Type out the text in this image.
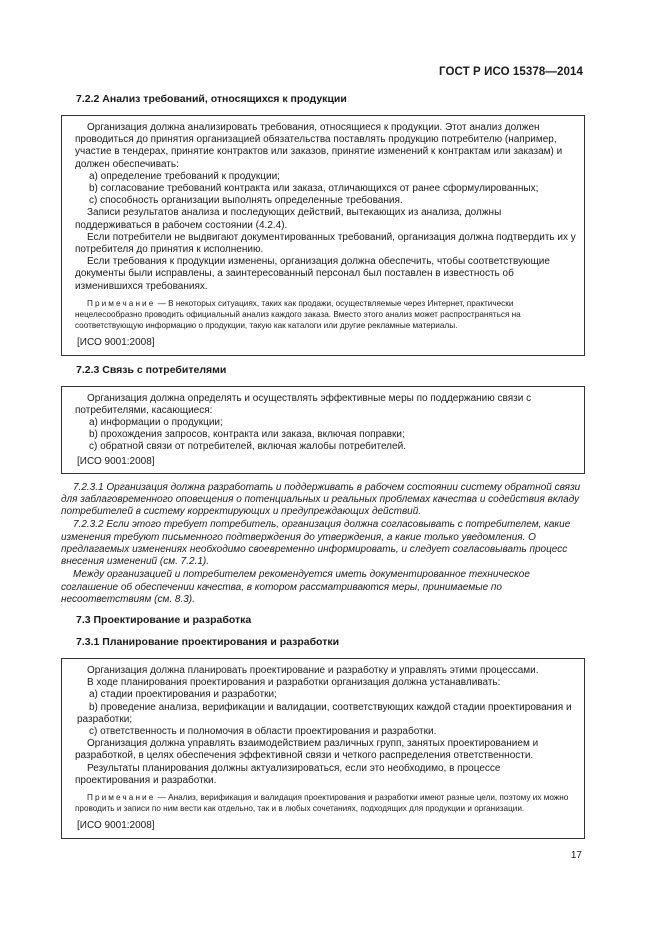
ГОСТ Р ИСО 15378—2014
7.2.2 Анализ требований, относящихся к продукции

Организация должна анализировать требования, относящиеся к продукции. Этот анализ должен проводиться до принятия организацией обязательства поставлять продукцию потребителю (например, участие в тендерах, принятие контрактов или заказов, принятие изменений к контрактам или заказам) и должен обеспечивать:

a) определение требований к продукции;

b) согласование требований контракта или заказа, отличающихся от ранее сформулированных;

c) способность организации выполнять определенные требования.

Записи результатов анализа и последующих действий, вытекающих из анализа, должны поддерживаться в рабочем состоянии (4.2.4).

Если потребители не выдвигают документированных требований, организация должна подтвердить их у потребителя до принятия к исполнению.

Если требования к продукции изменены, организация должна обеспечить, чтобы соответствующие документы были исправлены, а заинтересованный персонал был поставлен в известность об изменившихся требованиях.

Примечание — В некоторых ситуациях, таких как продажи, осуществляемые через Интернет, практически нецелесообразно проводить официальный анализ каждого заказа. Вместо этого анализ может распространяться на соответствующую информацию о продукции, такую как каталоги или другие рекламные материалы.

[ИСО 9001:2008]

7.2.3 Связь с потребителями

Организация должна определять и осуществлять эффективные меры по поддержанию связи с потребителями, касающиеся:

a) информации о продукции;

b) прохождения запросов, контракта или заказа, включая поправки;

c) обратной связи от потребителей, включая жалобы потребителей.

[ИСО 9001:2008]

7.2.3.1 Организация должна разработать и поддерживать в рабочем состоянии систему обратной связи для заблаговременного оповещения о потенциальных и реальных проблемах качества и содействия вкладу потребителей в систему корректирующих и предупреждающих действий.

7.2.3.2 Если этого требует потребитель, организация должна согласовывать с потребителем, какие изменения требуют письменного подтверждения до утверждения, а какие только уведомления. О предлагаемых изменениях необходимо своевременно информировать, и следует согласовывать процесс внесения изменений (см. 7.2.1).

Между организацией и потребителем рекомендуется иметь документированное техническое соглашение об обеспечении качества, в котором рассматриваются меры, принимаемые по несоответствиям (см. 8.3).

7.3 Проектирование и разработка
7.3.1 Планирование проектирования и разработки

Организация должна планировать проектирование и разработку и управлять этими процессами.

В ходе планирования проектирования и разработки организация должна устанавливать:

a) стадии проектирования и разработки;

b) проведение анализа, верификации и валидации, соответствующих каждой стадии проектирования и разработки;

c) ответственность и полномочия в области проектирования и разработки.

Организация должна управлять взаимодействием различных групп, занятых проектированием и разработкой, в целях обеспечения эффективной связи и четкого распределения ответственности.

Результаты планирования должны актуализироваться, если это необходимо, в процессе проектирования и разработки.

Примечание — Анализ, верификация и валидация проектирования и разработки имеют разные цели, поэтому их можно проводить и записи по ним вести как отдельно, так и в любых сочетаниях, подходящих для продукции и организации.

[ИСО 9001:2008]

17
